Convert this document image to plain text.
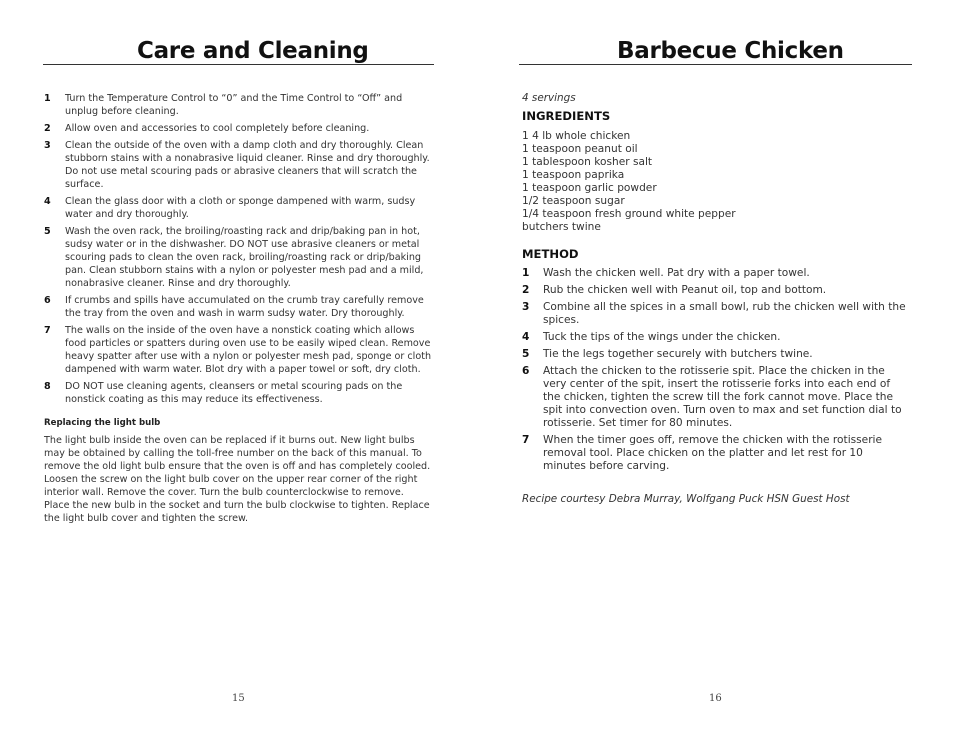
Care and Cleaning
1	Turn the Temperature Control to “0” and the Time Control to “Off” and unplug before cleaning.
2	Allow oven and accessories to cool completely before cleaning.
3	Clean the outside of the oven with a damp cloth and dry thoroughly. Clean stubborn stains with a nonabrasive liquid cleaner. Rinse and dry thoroughly. Do not use metal scouring pads or abrasive cleaners that will scratch the surface.
4	Clean the glass door with a cloth or sponge dampened with warm, sudsy water and dry thoroughly.
5	Wash the oven rack, the broiling/roasting rack and drip/baking pan in hot, sudsy water or in the dishwasher. DO NOT use abrasive cleaners or metal scouring pads to clean the oven rack, broiling/roasting rack or drip/baking pan. Clean stubborn stains with a nylon or polyester mesh pad and a mild, nonabrasive cleaner. Rinse and dry thoroughly.
6	If crumbs and spills have accumulated on the crumb tray carefully remove the tray from the oven and wash in warm sudsy water. Dry thoroughly.
7	The walls on the inside of the oven have a nonstick coating which allows food particles or spatters during oven use to be easily wiped clean. Remove heavy spatter after use with a nylon or polyester mesh pad, sponge or cloth dampened with warm water. Blot dry with a paper towel or soft, dry cloth.
8	DO NOT use cleaning agents, cleansers or metal scouring pads on the nonstick coating as this may reduce its effectiveness.
Replacing the light bulb

The light bulb inside the oven can be replaced if it burns out. New light bulbs may be obtained by calling the toll-free number on the back of this manual. To remove the old light bulb ensure that the oven is off and has completely cooled. Loosen the screw on the light bulb cover on the upper rear corner of the right interior wall. Remove the cover. Turn the bulb counterclockwise to remove. Place the new bulb in the socket and turn the bulb clockwise to tighten. Replace the light bulb cover and tighten the screw.

15
Barbecue Chicken
4 servings
INGREDIENTS
1 4 lb whole chicken
1 teaspoon peanut oil
1 tablespoon kosher salt
1 teaspoon paprika
1 teaspoon garlic powder
1/2 teaspoon sugar
1/4 teaspoon fresh ground white pepper
butchers twine
METHOD
1	Wash the chicken well. Pat dry with a paper towel.
2	Rub the chicken well with Peanut oil, top and bottom.
3	Combine all the spices in a small bowl, rub the chicken well with the spices.
4	Tuck the tips of the wings under the chicken.
5	Tie the legs together securely with butchers twine.
6	Attach the chicken to the rotisserie spit. Place the chicken in the very center of the spit, insert the rotisserie forks into each end of the chicken, tighten the screw till the fork cannot move. Place the spit into convection oven. Turn oven to max and set function dial to rotisserie. Set timer for 80 minutes.
7	When the timer goes off, remove the chicken with the rotisserie removal tool. Place chicken on the platter and let rest for 10 minutes before carving.
Recipe courtesy Debra Murray, Wolfgang Puck HSN Guest Host
16
